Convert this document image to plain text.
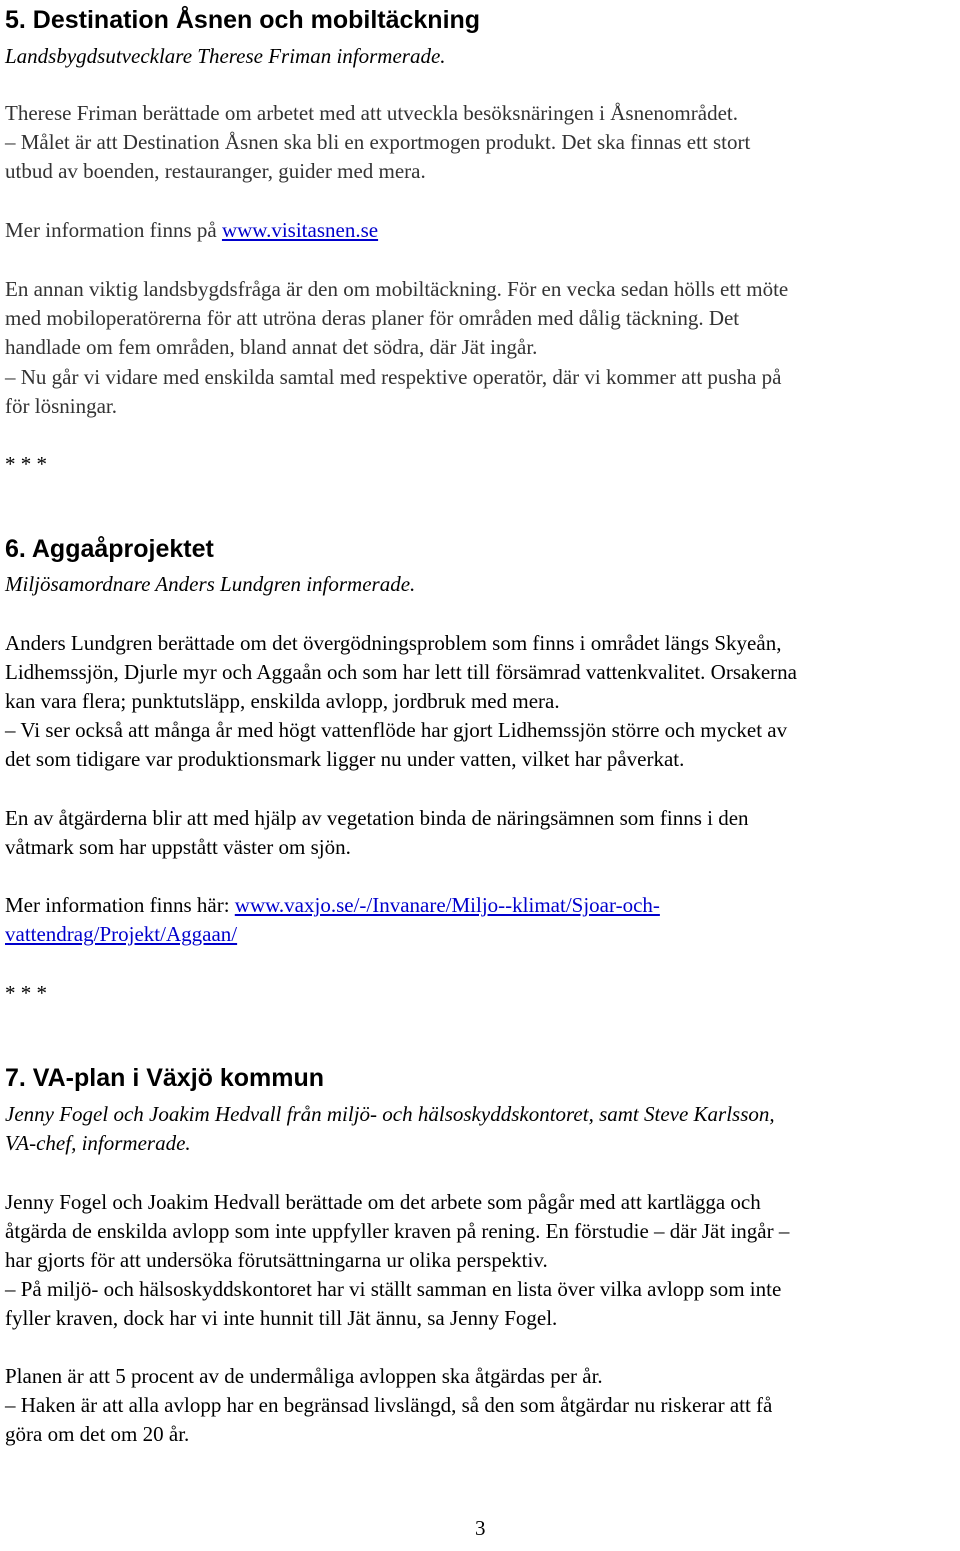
5. Destination Åsnen och mobiltäckning
Landsbygdsutvecklare Therese Friman informerade.
Therese Friman berättade om arbetet med att utveckla besöksnäringen i Åsnenområdet.
– Målet är att Destination Åsnen ska bli en exportmogen produkt. Det ska finnas ett stort
utbud av boenden, restauranger, guider med mera.
Mer information finns på www.visitasnen.se
En annan viktig landsbygdsfråga är den om mobiltäckning. För en vecka sedan hölls ett möte
med mobiloperatörerna för att utröna deras planer för områden med dålig täckning. Det
handlade om fem områden, bland annat det södra, där Jät ingår.
– Nu går vi vidare med enskilda samtal med respektive operatör, där vi kommer att pusha på
för lösningar.
* * *
6. Aggaåprojektet
Miljösamordnare Anders Lundgren informerade.
Anders Lundgren berättade om det övergödningsproblem som finns i området längs Skyeån,
Lidhemssjön, Djurle myr och Aggaån och som har lett till försämrad vattenkvalitet. Orsakerna
kan vara flera; punktutsläpp, enskilda avlopp, jordbruk med mera.
– Vi ser också att många år med högt vattenflöde har gjort Lidhemssjön större och mycket av
det som tidigare var produktionsmark ligger nu under vatten, vilket har påverkat.
En av åtgärderna blir att med hjälp av vegetation binda de näringsämnen som finns i den
våtmark som har uppstått väster om sjön.
Mer information finns här: www.vaxjo.se/-/Invanare/Miljo--klimat/Sjoar-och-
vattendrag/Projekt/Aggaan/
* * *
7. VA-plan i Växjö kommun
Jenny Fogel och Joakim Hedvall från miljö- och hälsoskyddskontoret, samt Steve Karlsson,
VA-chef, informerade.
Jenny Fogel och Joakim Hedvall berättade om det arbete som pågår med att kartlägga och
åtgärda de enskilda avlopp som inte uppfyller kraven på rening. En förstudie – där Jät ingår –
har gjorts för att undersöka förutsättningarna ur olika perspektiv.
– På miljö- och hälsoskyddskontoret har vi ställt samman en lista över vilka avlopp som inte
fyller kraven, dock har vi inte hunnit till Jät ännu, sa Jenny Fogel.
Planen är att 5 procent av de undermåliga avloppen ska åtgärdas per år.
– Haken är att alla avlopp har en begränsad livslängd, så den som åtgärdar nu riskerar att få
göra om det om 20 år.
3
